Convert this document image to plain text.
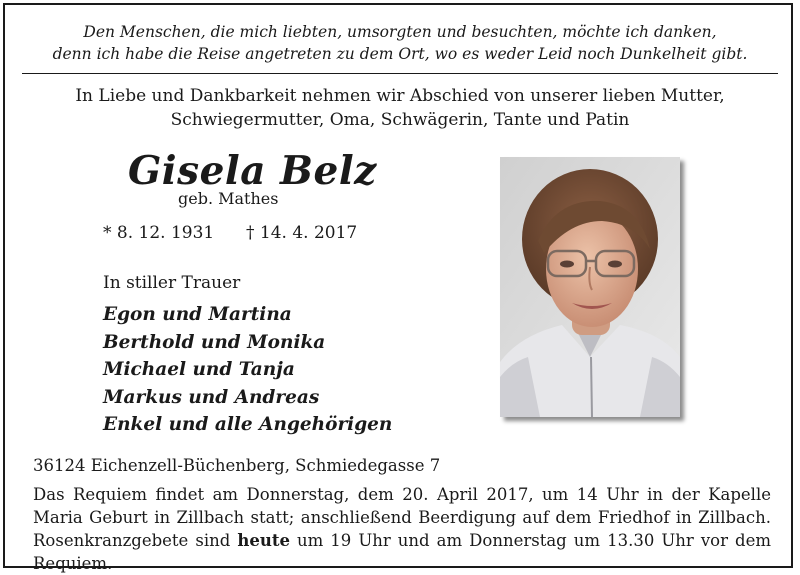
Den Menschen, die mich liebten, umsorgten und besuchten, möchte ich danken,
denn ich habe die Reise angetreten zu dem Ort, wo es weder Leid noch Dunkelheit gibt.
In Liebe und Dankbarkeit nehmen wir Abschied von unserer lieben Mutter,
Schwiegermutter, Oma, Schwägerin, Tante und Patin
Gisela Belz
geb. Mathes
* 8. 12. 1931 † 14. 4. 2017
In stiller Trauer
Egon und Martina
Berthold und Monika
Michael und Tanja
Markus und Andreas
Enkel und alle Angehörigen
36124 Eichenzell-Büchenberg, Schmiedegasse 7
Das Requiem findet am Donnerstag, dem 20. April 2017, um 14 Uhr in der Kapelle Maria Geburt in Zillbach statt; anschließend Beerdigung auf dem Friedhof in Zillbach. Rosenkranzgebete sind heute um 19 Uhr und am Donnerstag um 13.30 Uhr vor dem Requiem.
